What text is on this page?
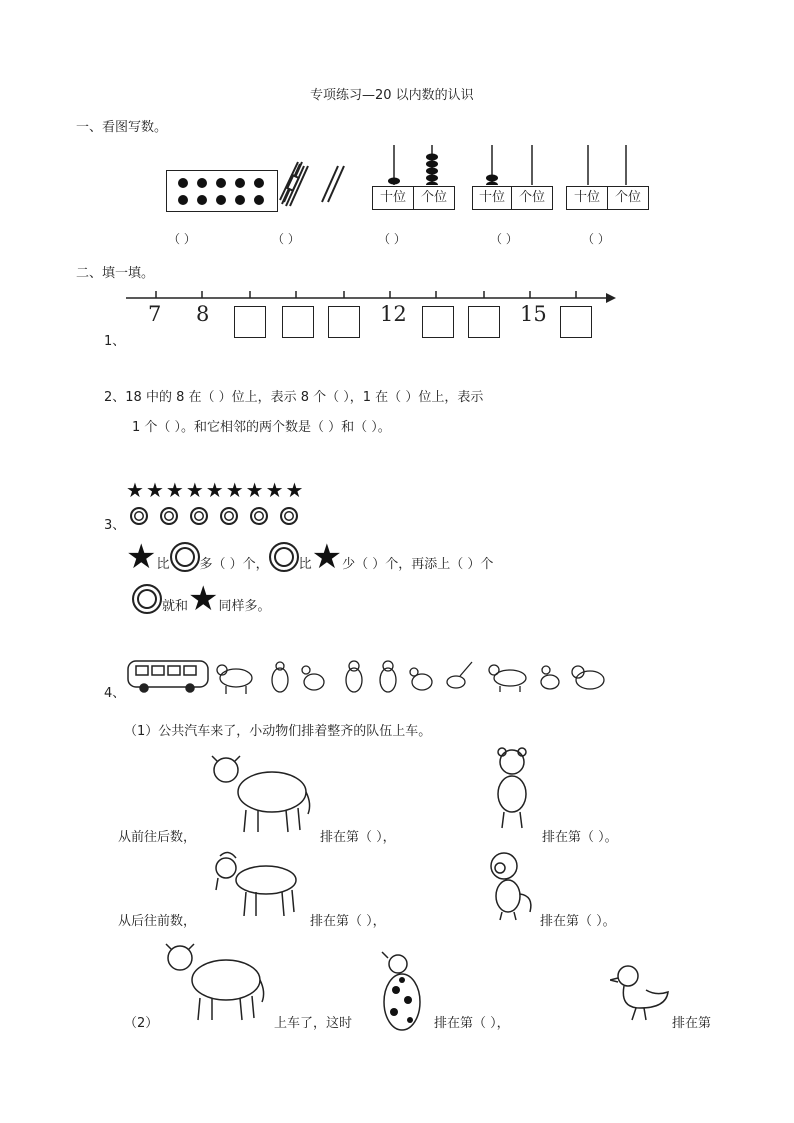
专项练习—20 以内数的认识
一、看图写数。
十位	个位	十位	个位	十位	个位
（ ）	（ ）	（ ）	（ ）	（ ）
二、填一填。
7 8	12	15
1、
2、18 中的 8 在（ ）位上，表示 8 个（ ），1 在（ ）位上，表示
1 个（ ）。和它相邻的两个数是（ ）和（ ）。
★★★★★★★★★
3、
★比 多（ ）个， 比★少（ ）个，再添上（ ）个
就和★同样多。
4、
（1）公共汽车来了，小动物们排着整齐的队伍上车。
从前往后数，	排在第（ ），	排在第（ ）。
从后往前数，	排在第（ ），	排在第（ ）。
（2）	上车了，这时	排在第（ ），	排在第
